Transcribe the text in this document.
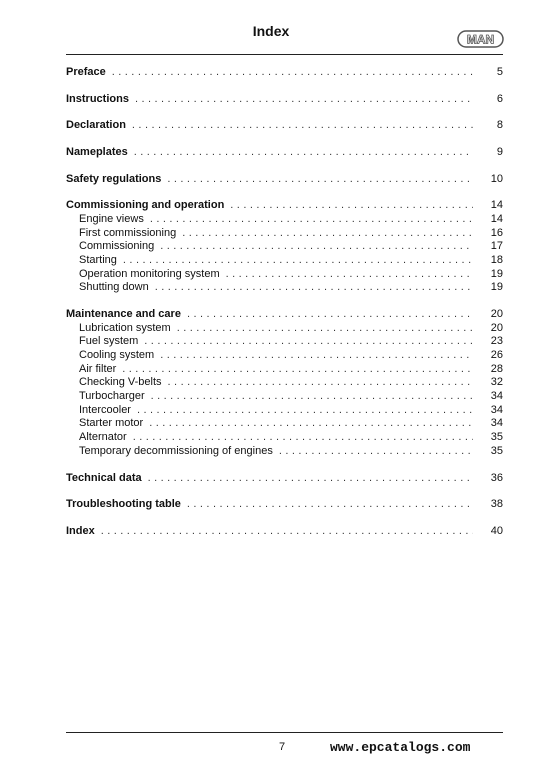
Index
MAN
Preface . . .	5
Instructions . . .	6
Declaration . . .	8
Nameplates . . .	9
Safety regulations . . .	10
Commissioning and operation . . .	14
Engine views . . .	14
First commissioning . . .	16
Commissioning . . .	17
Starting . . .	18
Operation monitoring system . . .	19
Shutting down . . .	19
Maintenance and care . . .	20
Lubrication system . . .	20
Fuel system . . .	23
Cooling system . . .	26
Air filter . . .	28
Checking V-belts . . .	32
Turbocharger . . .	34
Intercooler . . .	34
Starter motor . . .	34
Alternator . . .	35
Temporary decommissioning of engines . . .	35
Technical data . . .	36
Troubleshooting table . . .	38
Index . . .	40
7	www.epcatalogs.com
